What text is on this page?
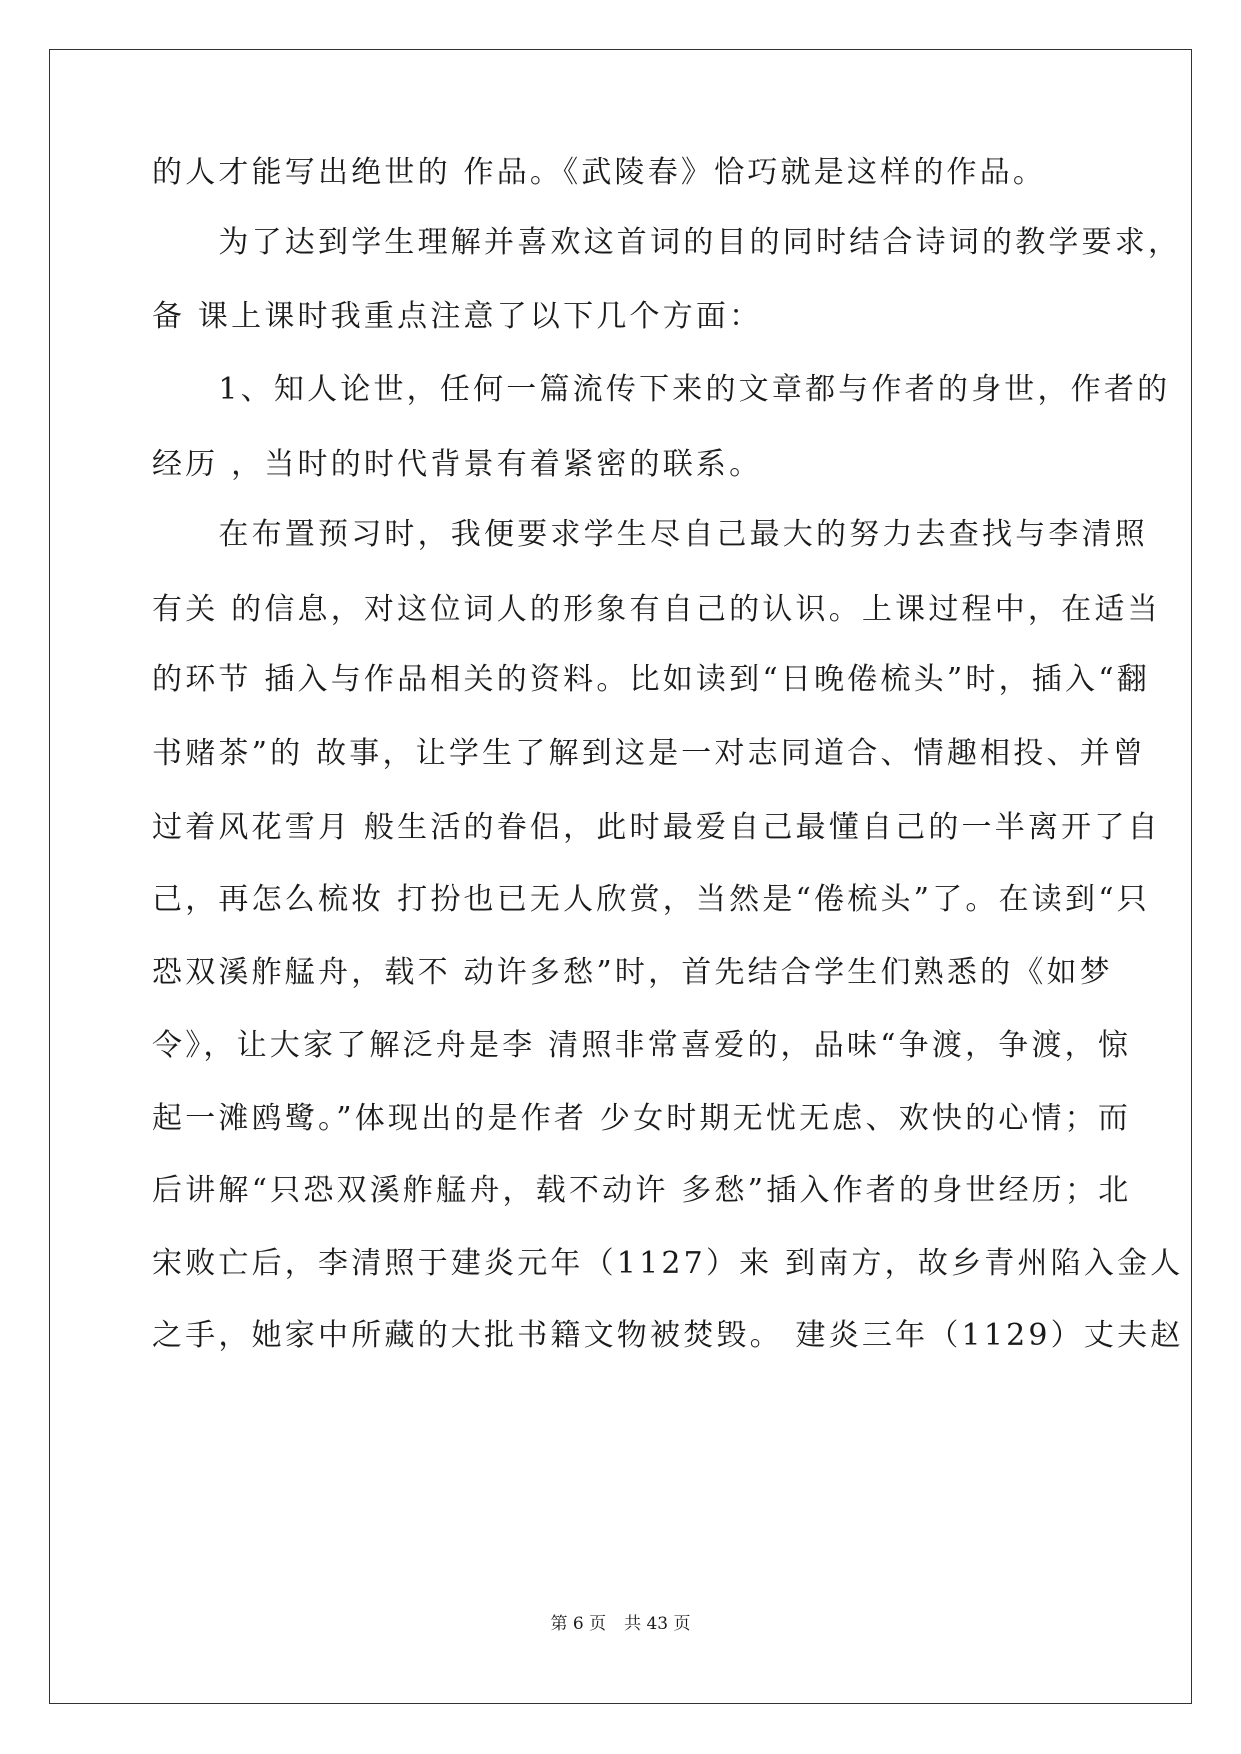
的人才能写出绝世的 作品。《武陵春》恰巧就是这样的作品。
　　为了达到学生理解并喜欢这首词的目的同时结合诗词的教学要求，
备 课上课时我重点注意了以下几个方面：
　　1、知人论世，任何一篇流传下来的文章都与作者的身世，作者的
经历 ，当时的时代背景有着紧密的联系。
　　在布置预习时，我便要求学生尽自己最大的努力去查找与李清照
有关 的信息，对这位词人的形象有自己的认识。上课过程中，在适当
的环节 插入与作品相关的资料。比如读到“日晚倦梳头”时，插入“翻
书赌茶”的 故事，让学生了解到这是一对志同道合、情趣相投、并曾
过着风花雪月 般生活的眷侣，此时最爱自己最懂自己的一半离开了自
己，再怎么梳妆 打扮也已无人欣赏，当然是“倦梳头”了。在读到“只
恐双溪舴艋舟，载不 动许多愁”时，首先结合学生们熟悉的《如梦
令》，让大家了解泛舟是李 清照非常喜爱的，品味“争渡，争渡，惊
起一滩鸥鹭。”体现出的是作者 少女时期无忧无虑、欢快的心情；而
后讲解“只恐双溪舴艋舟，载不动许 多愁”插入作者的身世经历；北
宋败亡后，李清照于建炎元年（1127）来 到南方，故乡青州陷入金人
之手，她家中所藏的大批书籍文物被焚毁。 建炎三年（1129）丈夫赵
第 6 页 共 43 页
